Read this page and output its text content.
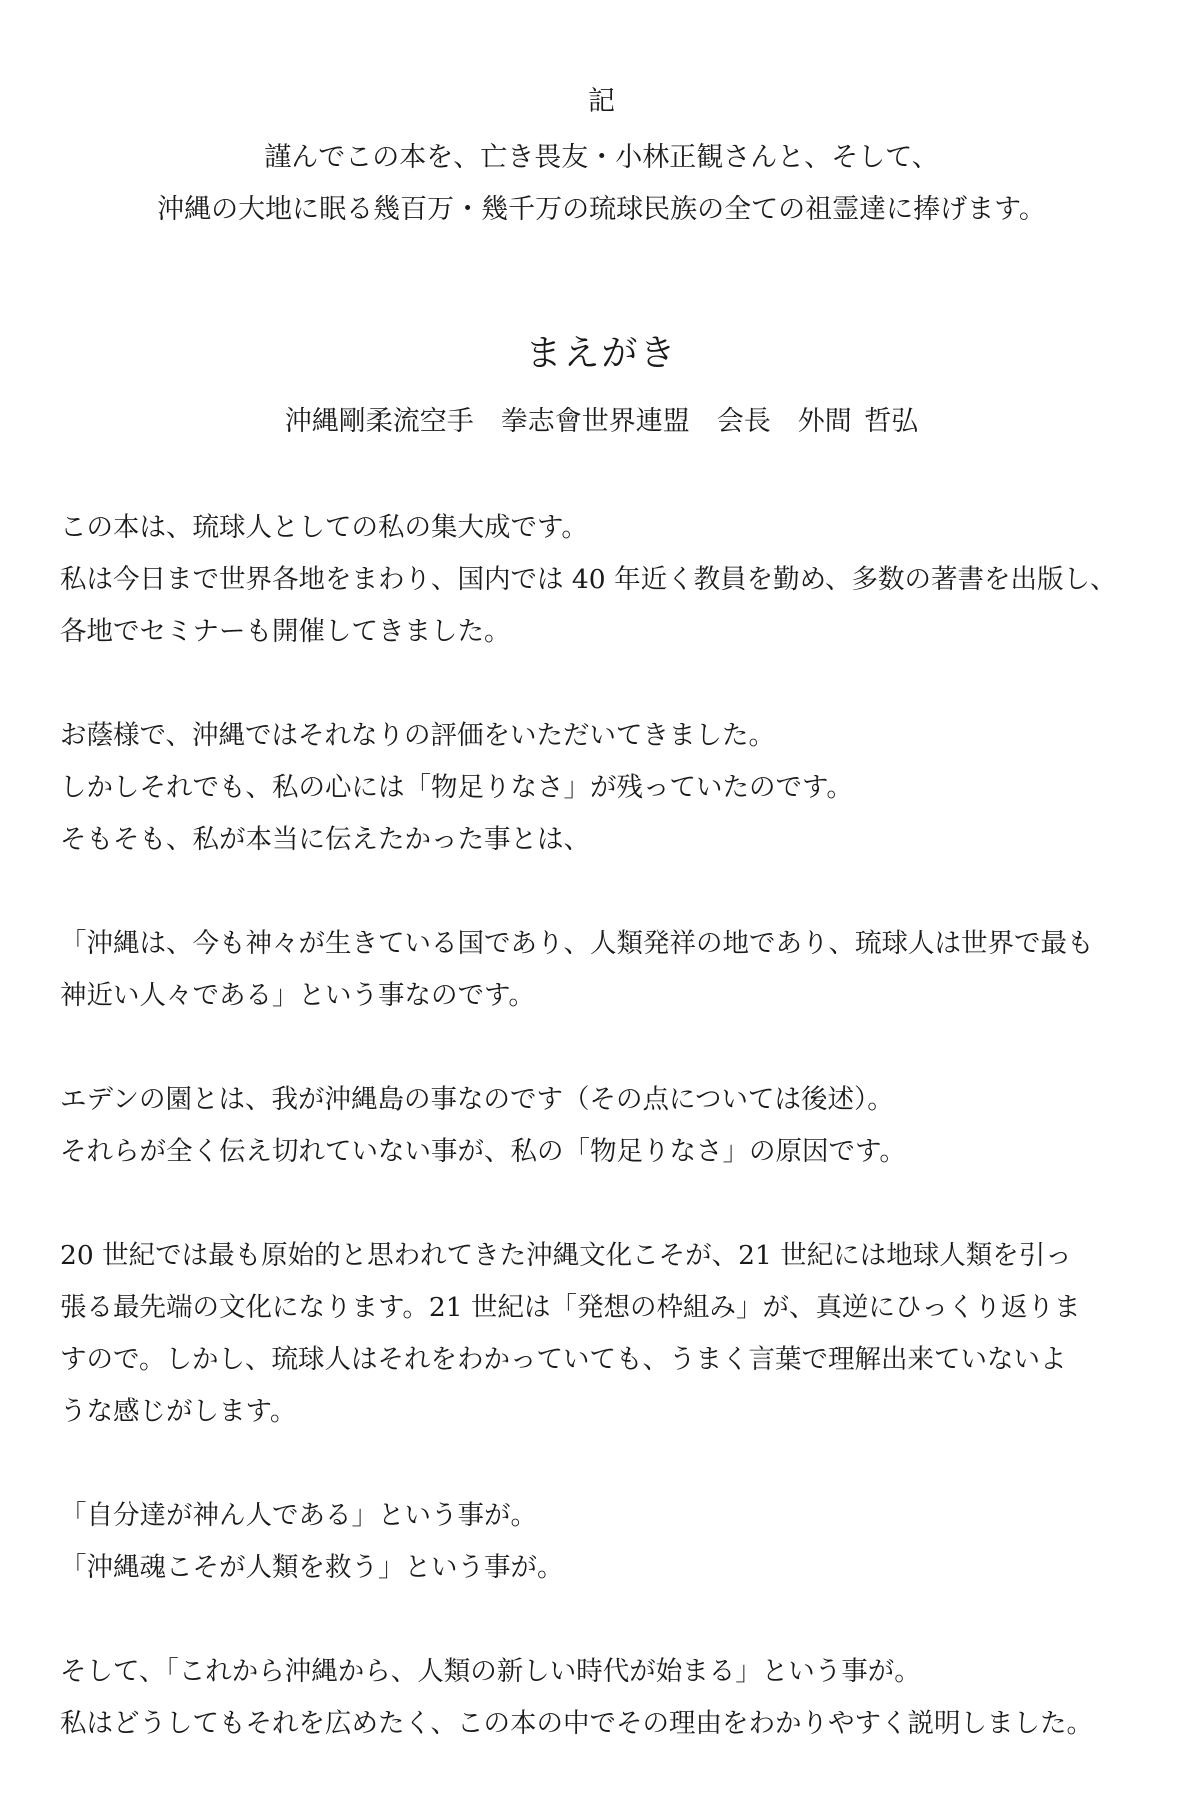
記
謹んでこの本を、亡き畏友・小林正観さんと、そして、
沖縄の大地に眠る幾百万・幾千万の琉球民族の全ての祖霊達に捧げます。
まえがき
沖縄剛柔流空手　拳志會世界連盟　会長　外間 哲弘
この本は、琉球人としての私の集大成です。
私は今日まで世界各地をまわり、国内では 40 年近く教員を勤め、多数の著書を出版し、
各地でセミナーも開催してきました。
お蔭様で、沖縄ではそれなりの評価をいただいてきました。
しかしそれでも、私の心には「物足りなさ」が残っていたのです。
そもそも、私が本当に伝えたかった事とは、
「沖縄は、今も神々が生きている国であり、人類発祥の地であり、琉球人は世界で最も
神近い人々である」という事なのです。
エデンの園とは、我が沖縄島の事なのです（その点については後述）。
それらが全く伝え切れていない事が、私の「物足りなさ」の原因です。
20 世紀では最も原始的と思われてきた沖縄文化こそが、21 世紀には地球人類を引っ
張る最先端の文化になります。21 世紀は「発想の枠組み」が、真逆にひっくり返りま
すので。しかし、琉球人はそれをわかっていても、うまく言葉で理解出来ていないよ
うな感じがします。
「自分達が神ん人である」という事が。
「沖縄魂こそが人類を救う」という事が。
そして、「これから沖縄から、人類の新しい時代が始まる」という事が。
私はどうしてもそれを広めたく、この本の中でその理由をわかりやすく説明しました。
